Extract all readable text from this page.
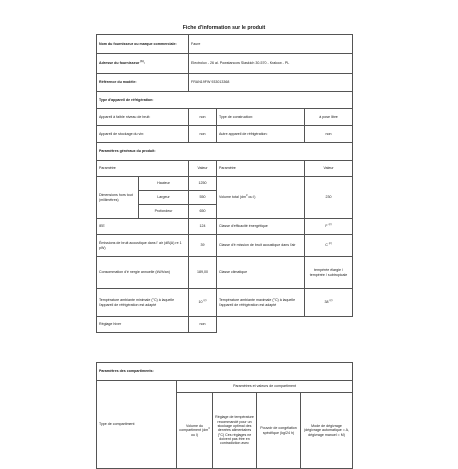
Fiche d'information sur le produit
Nom du fournisseur ou marque commerciale:		Faure		
Adresse du fournisseur $^{(b)}$:		Electrolux - 26 al. Powstancow Slaskich 30-570 - Krakow - PL		
Référence du modèle:		FRAN19FW 933013368		
Type d'appareil de réfrigération:				
Appareil à faible niveau de bruit:		non	Type de construction:	à pose libre
Appareil de stockage du vin:		non	Autre appareil de réfrigération:	non
Paramètres généraux du produit:				
Paramètre		Valeur	Paramètre	Valeur
Dimensions hors tout (millimètres)	Hauteur	1250	Volume total ($dm^3$ ou l)	230
	Largeur	550		
	Profondeur	650		
IEE		124	Classe d'efficacité énergétique	F $^{(c)}$
Émissions de bruit acoustique dans l' air (dB(A) re 1 pW)		39	Classe d'é mission de bruit acoustique dans l'air	C $^{(c)}$
Consommation d'é nergie annuelle (kWh/an)		189,00	Classe climatique	tempérée élargie / tempérée / subtropicale
Température ambiante minimale (°C) à laquelle l'appareil de réfrigération est adapté		10 $^{(c)}$	Température ambiante maximale (°C) à laquelle l'appareil de réfrigération est adapté	38 $^{(c)}$
Réglage hiver		non		
Paramètres des compartiments:				
Type de compartiment	Paramètres et valeurs de compartiment			
	Volume du compartiment ($dm^3$ ou l)	Réglage de température recommandé pour un stockage optimal des denrées alimentaires (°C) Ces réglages ne doivent pas être en contradiction avec	Pouvoir de congélation spécifique (kg/24 h)	Mode de dégivrage (dégivrage automatique = A, dégivrage manuel = M)
